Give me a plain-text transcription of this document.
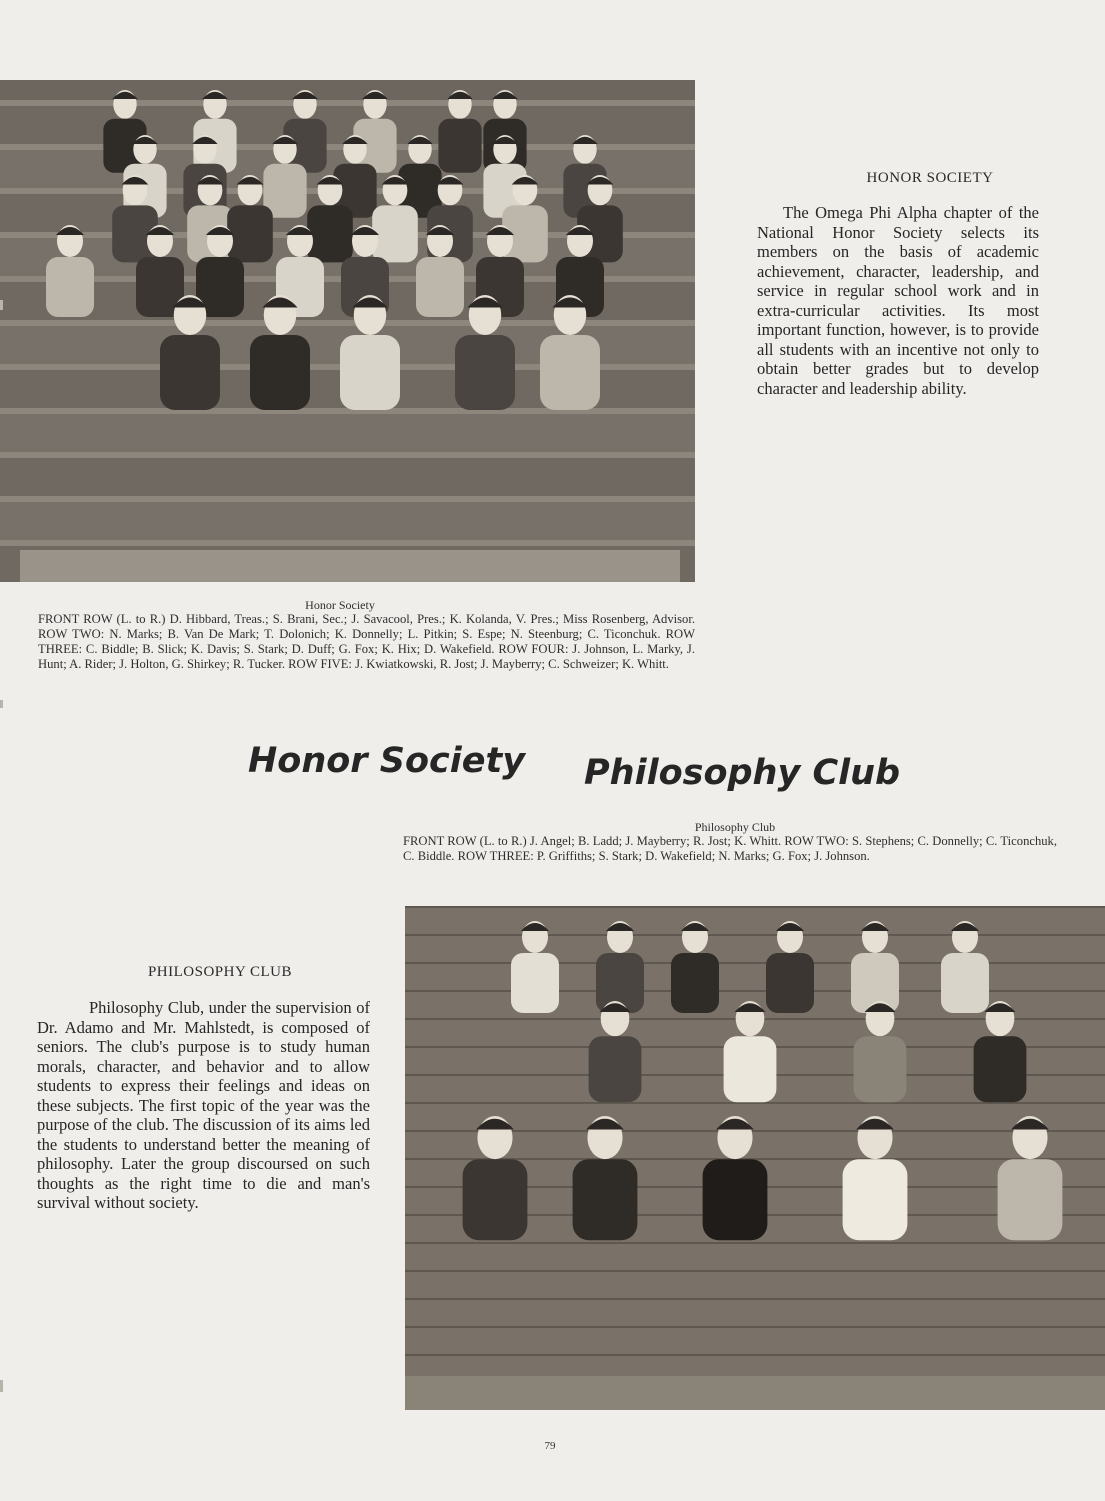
HONOR SOCIETY
The Omega Phi Alpha chapter of the National Honor Society selects its members on the basis of academic achievement, character, leadership, and service in regular school work and in extra-curricular activities. Its most important function, however, is to provide all students with an incentive not only to obtain better grades but to develop character and leadership ability.
Honor Society
FRONT ROW (L. to R.) D. Hibbard, Treas.; S. Brani, Sec.; J. Savacool, Pres.; K. Kolanda, V. Pres.; Miss Rosenberg, Advisor. ROW TWO: N. Marks; B. Van De Mark; T. Dolonich; K. Donnelly; L. Pitkin; S. Espe; N. Steenburg; C. Ticonchuk. ROW THREE: C. Biddle; B. Slick; K. Davis; S. Stark; D. Duff; G. Fox; K. Hix; D. Wakefield. ROW FOUR: J. Johnson, L. Marky, J. Hunt; A. Rider; J. Holton, G. Shirkey; R. Tucker. ROW FIVE: J. Kwiatkowski, R. Jost; J. Mayberry; C. Schweizer; K. Whitt.
Honor Society Philosophy Club
Philosophy Club
FRONT ROW (L. to R.) J. Angel; B. Ladd; J. Mayberry; R. Jost; K. Whitt. ROW TWO: S. Stephens; C. Donnelly; C. Ticonchuk, C. Biddle. ROW THREE: P. Griffiths; S. Stark; D. Wakefield; N. Marks; G. Fox; J. Johnson.
PHILOSOPHY CLUB
Philosophy Club, under the supervision of Dr. Adamo and Mr. Mahlstedt, is composed of seniors. The club's purpose is to study human morals, character, and behavior and to allow students to express their feelings and ideas on these subjects. The first topic of the year was the purpose of the club. The discussion of its aims led the students to understand better the meaning of philosophy. Later the group discoursed on such thoughts as the right time to die and man's survival without society.
79
